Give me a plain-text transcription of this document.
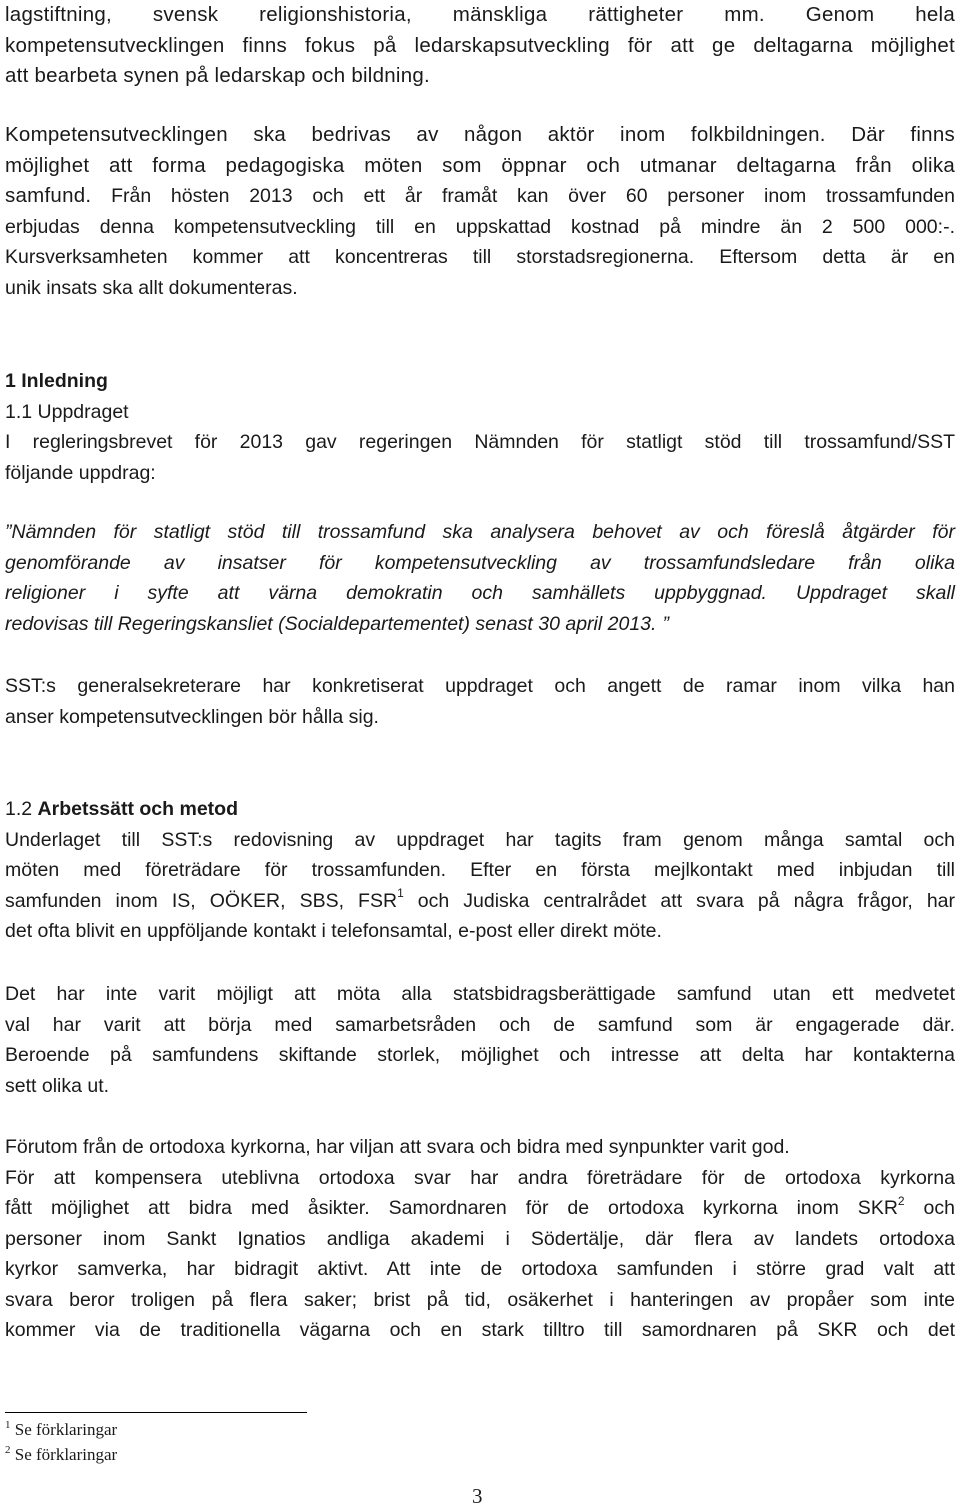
lagstiftning, svensk religionshistoria, mänskliga rättigheter mm. Genom hela
kompetensutvecklingen finns fokus på ledarskapsutveckling för att ge deltagarna möjlighet
att bearbeta synen på ledarskap och bildning.
Kompetensutvecklingen ska bedrivas av någon aktör inom folkbildningen. Där finns
möjlighet att forma pedagogiska möten som öppnar och utmanar deltagarna från olika
samfund. Från hösten 2013 och ett år framåt kan över 60 personer inom trossamfunden
erbjudas denna kompetensutveckling till en uppskattad kostnad på mindre än 2 500 000:-.
Kursverksamheten kommer att koncentreras till storstadsregionerna. Eftersom detta är en
unik insats ska allt dokumenteras.
1 Inledning
1.1 Uppdraget
I regleringsbrevet för 2013 gav regeringen Nämnden för statligt stöd till trossamfund/SST
följande uppdrag:
”Nämnden för statligt stöd till trossamfund ska analysera behovet av och föreslå åtgärder för
genomförande av insatser för kompetensutveckling av trossamfundsledare från olika
religioner i syfte att värna demokratin och samhällets uppbyggnad. Uppdraget skall
redovisas till Regeringskansliet (Socialdepartementet) senast 30 april 2013. ”
SST:s generalsekreterare har konkretiserat uppdraget och angett de ramar inom vilka han
anser kompetensutvecklingen bör hålla sig.
1.2 Arbetssätt och metod
Underlaget till SST:s redovisning av uppdraget har tagits fram genom många samtal och
möten med företrädare för trossamfunden. Efter en första mejlkontakt med inbjudan till
samfunden inom IS, OÖKER, SBS, FSR$^1$ och Judiska centralrådet att svara på några frågor, har
det ofta blivit en uppföljande kontakt i telefonsamtal, e-post eller direkt möte.
Det har inte varit möjligt att möta alla statsbidragsberättigade samfund utan ett medvetet
val har varit att börja med samarbetsråden och de samfund som är engagerade där.
Beroende på samfundens skiftande storlek, möjlighet och intresse att delta har kontakterna
sett olika ut.
Förutom från de ortodoxa kyrkorna, har viljan att svara och bidra med synpunkter varit god.
För att kompensera uteblivna ortodoxa svar har andra företrädare för de ortodoxa kyrkorna
fått möjlighet att bidra med åsikter. Samordnaren för de ortodoxa kyrkorna inom SKR$^2$ och
personer inom Sankt Ignatios andliga akademi i Södertälje, där flera av landets ortodoxa
kyrkor samverka, har bidragit aktivt. Att inte de ortodoxa samfunden i större grad valt att
svara beror troligen på flera saker; brist på tid, osäkerhet i hanteringen av propåer som inte
kommer via de traditionella vägarna och en stark tilltro till samordnaren på SKR och det
$^1$ Se förklaringar
$^2$ Se förklaringar
3
